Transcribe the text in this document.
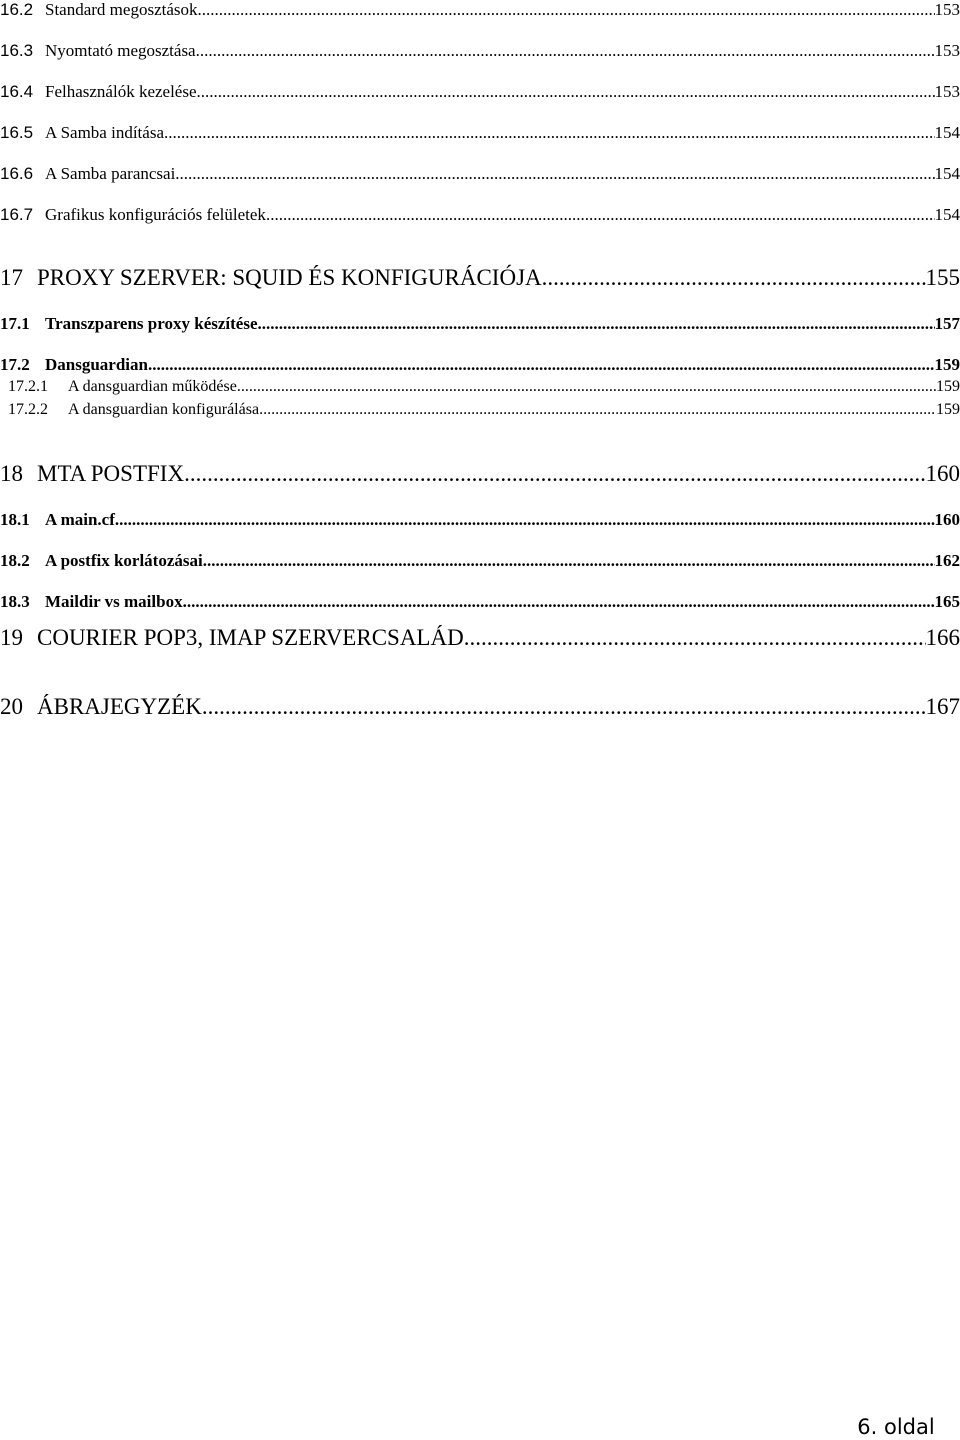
16.2 Standard megosztások .....	153
16.3 Nyomtató megosztása .....	153
16.4 Felhasználók kezelése .....	153
16.5 A Samba indítása .....	154
16.6 A Samba parancsai .....	154
16.7 Grafikus konfigurációs felületek .....	154
17 PROXY SZERVER: SQUID ÉS KONFIGURÁCIÓJA .....	155
17.1 Transzparens proxy készítése .....	157
17.2 Dansguardian .....	159
17.2.1	A dansguardian működése .....	159
17.2.2	A dansguardian konfigurálása .....	159
18 MTA POSTFIX .....	160
18.1 A main.cf .....	160
18.2 A postfix korlátozásai .....	162
18.3 Maildir vs mailbox .....	165
19 COURIER POP3, IMAP SZERVERCSALÁD .....	166
20 ÁBRAJEGYZÉK .....	167
6. oldal
